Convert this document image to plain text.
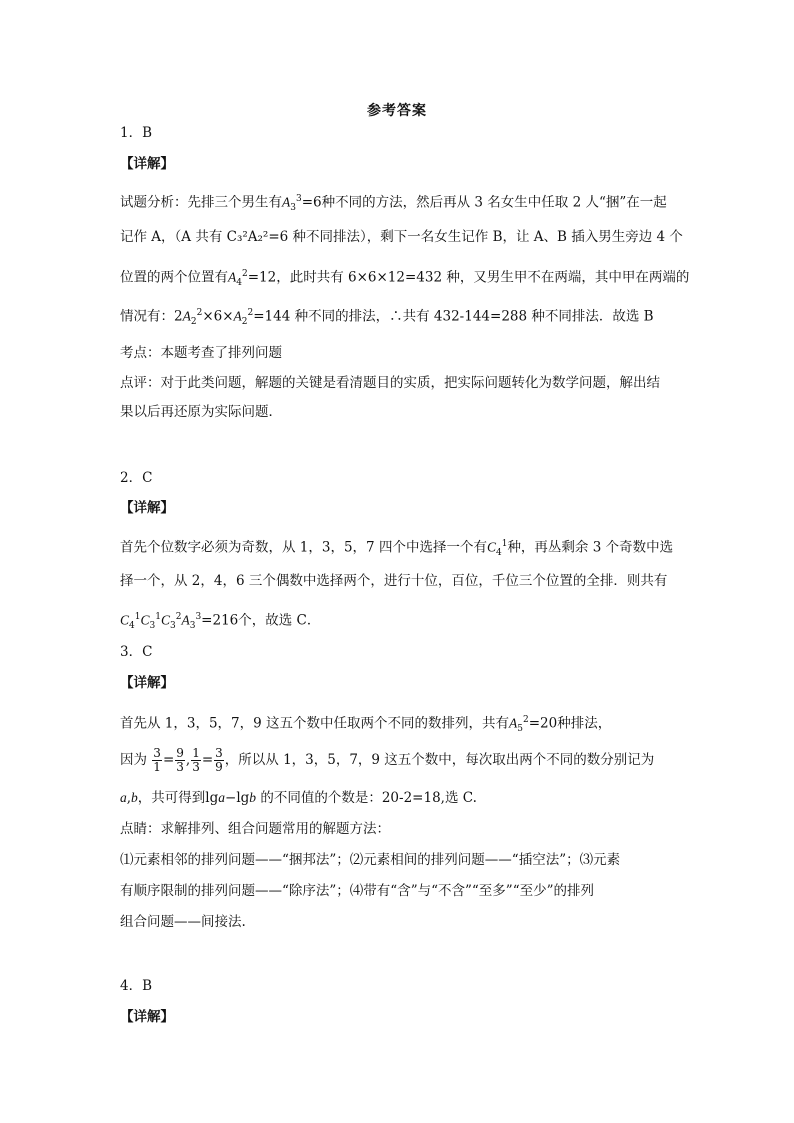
参考答案
1．B
【详解】
试题分析：先排三个男生有$A_3^3=6$种不同的方法，然后再从 3 名女生中任取 2 人“捆”在一起
记作 A，（A 共有 C₃²A₂²=6 种不同排法），剩下一名女生记作 B，让 A、B 插入男生旁边 4 个
位置的两个位置有$A_4^2=12$，此时共有 6×6×12=432 种，又男生甲不在两端，其中甲在两端的
情况有：$2A_2^2\times 6\times A_2^2=144$ 种不同的排法，∴共有 432-144=288 种不同排法．故选 B
考点：本题考查了排列问题
点评：对于此类问题，解题的关键是看清题目的实质，把实际问题转化为数学问题，解出结
果以后再还原为实际问题．
2．C
【详解】
首先个位数字必须为奇数，从 1，3，5，7 四个中选择一个有$C_4^1$种，再丛剩余 3 个奇数中选
择一个，从 2，4，6 三个偶数中选择两个，进行十位，百位，千位三个位置的全排．则共有
$C_4^1C_3^1C_3^2A_3^3=216$个，故选 C．
3．C
【详解】
首先从 1，3，5，7，9 这五个数中任取两个不同的数排列，共有$A_5^2=20$种排法，
因为 $\frac{3}{1} = \frac{9}{3}$ , $\frac{1}{3} = \frac{3}{9}$ ，所以从 1，3，5，7，9 这五个数中，每次取出两个不同的数分别记为
a,b，共可得到lga−lgb 的不同值的个数是：20-2=18,选 C.
点睛：求解排列、组合问题常用的解题方法：
⑴元素相邻的排列问题——“捆邦法”；⑵元素相间的排列问题——“插空法”；⑶元素
有顺序限制的排列问题——“除序法”；⑷带有“含”与“不含”“至多”“至少”的排列
组合问题——间接法.
4．B
【详解】
